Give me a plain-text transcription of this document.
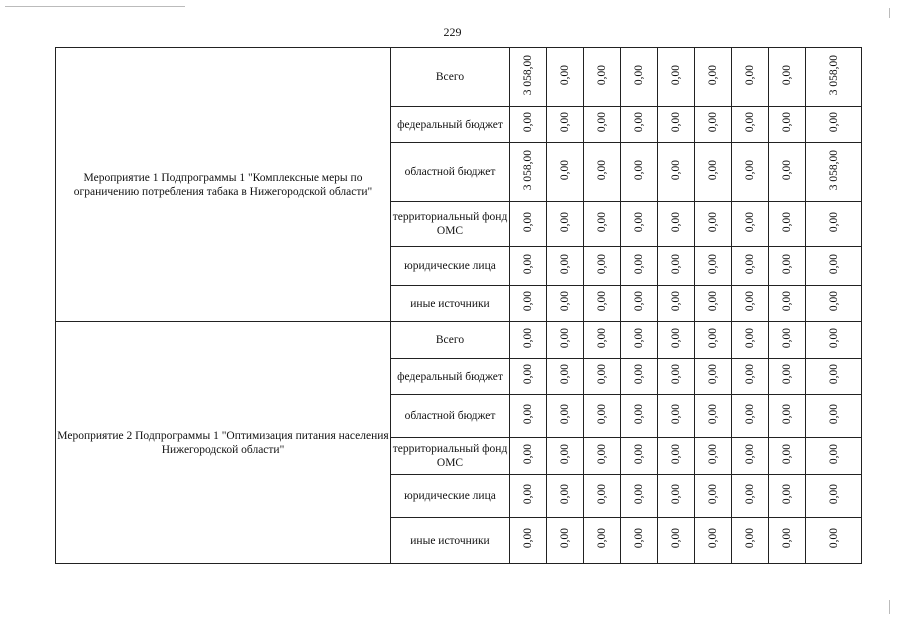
229
Мероприятие 1 Подпрограммы 1 "Комплексные меры по ограничению потребления табака в Нижегородской области"	Всего	3 058,00	0,00	0,00	0,00	0,00	0,00	0,00	0,00	3 058,00
	федеральный бюджет	0,00	0,00	0,00	0,00	0,00	0,00	0,00	0,00	0,00
	областной бюджет	3 058,00	0,00	0,00	0,00	0,00	0,00	0,00	0,00	3 058,00
	территориальный фонд ОМС	0,00	0,00	0,00	0,00	0,00	0,00	0,00	0,00	0,00
	юридические лица	0,00	0,00	0,00	0,00	0,00	0,00	0,00	0,00	0,00
	иные источники	0,00	0,00	0,00	0,00	0,00	0,00	0,00	0,00	0,00
Мероприятие 2 Подпрограммы 1 "Оптимизация питания населения Нижегородской области"	Всего	0,00	0,00	0,00	0,00	0,00	0,00	0,00	0,00	0,00
	федеральный бюджет	0,00	0,00	0,00	0,00	0,00	0,00	0,00	0,00	0,00
	областной бюджет	0,00	0,00	0,00	0,00	0,00	0,00	0,00	0,00	0,00
	территориальный фонд ОМС	0,00	0,00	0,00	0,00	0,00	0,00	0,00	0,00	0,00
	юридические лица	0,00	0,00	0,00	0,00	0,00	0,00	0,00	0,00	0,00
	иные источники	0,00	0,00	0,00	0,00	0,00	0,00	0,00	0,00	0,00
